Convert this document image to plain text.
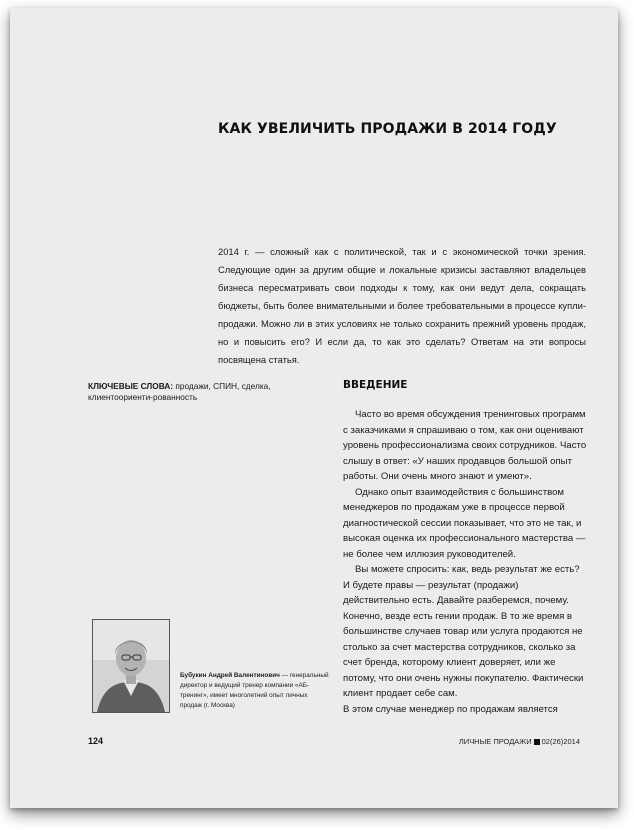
КАК УВЕЛИЧИТЬ ПРОДАЖИ В 2014 ГОДУ
2014 г. — сложный как с политической, так и с экономической точки зрения. Следующие один за другим общие и локальные кризисы заставляют владельцев бизнеса пересматривать свои подходы к тому, как они ведут дела, сокращать бюджеты, быть более внимательными и более требовательными в процессе купли-продажи. Можно ли в этих условиях не только сохранить прежний уровень продаж, но и повысить его? И если да, то как это сделать? Ответам на эти вопросы посвящена статья.
КЛЮЧЕВЫЕ СЛОВА: продажи, СПИН, сделка, клиентоориенти-рованность
ВВЕДЕНИЕ

Часто во время обсуждения тренинговых программ с заказчиками я спрашиваю о том, как они оценивают уровень профессионализма своих сотрудников. Часто слышу в ответ: «У наших продавцов большой опыт работы. Они очень много знают и умеют».

Однако опыт взаимодействия с большинством менеджеров по продажам уже в процессе первой диагностической сессии показывает, что это не так, и высокая оценка их профессионального мастерства — не более чем иллюзия руководителей.

Вы можете спросить: как, ведь результат же есть? И будете правы — результат (продажи) действительно есть. Давайте разберемся, почему. Конечно, везде есть гении продаж. В то же время в большинстве случаев товар или услуга продаются не столько за счет мастерства сотрудников, сколько за счет бренда, которому клиент доверяет, или же потому, что они очень нужны покупателю. Фактически клиент продает себе сам.

В этом случае менеджер по продажам является

Бубукин Андрей Валентинович — генеральный директор и ведущий тренер компании «АБ-тренинг», имеет многолетний опыт личных продаж (г. Москва)
124	ЛИЧНЫЕ ПРОДАЖИ 02(26)2014
